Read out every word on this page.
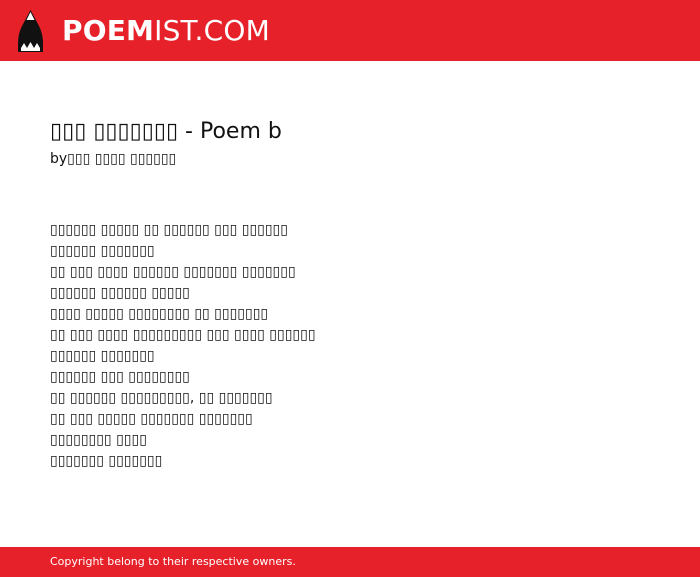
POEMIST.COM
▯▯▯ ▯▯▯▯▯▯▯ - Poem b

by▯▯▯ ▯▯▯▯ ▯▯▯▯▯▯

▯▯▯▯▯▯ ▯▯▯▯▯ ▯▯ ▯▯▯▯▯▯ ▯▯▯ ▯▯▯▯▯▯
▯▯▯▯▯▯ ▯▯▯▯▯▯▯
▯▯ ▯▯▯ ▯▯▯▯ ▯▯▯▯▯▯ ▯▯▯▯▯▯▯ ▯▯▯▯▯▯▯
▯▯▯▯▯▯ ▯▯▯▯▯▯ ▯▯▯▯▯
▯▯▯▯ ▯▯▯▯▯ ▯▯▯▯▯▯▯▯ ▯▯ ▯▯▯▯▯▯▯
▯▯ ▯▯▯ ▯▯▯▯ ▯▯▯▯▯▯▯▯▯ ▯▯▯ ▯▯▯▯ ▯▯▯▯▯▯
▯▯▯▯▯▯ ▯▯▯▯▯▯▯
▯▯▯▯▯▯ ▯▯▯ ▯▯▯▯▯▯▯▯
▯▯ ▯▯▯▯▯▯ ▯▯▯▯▯▯▯▯▯, ▯▯ ▯▯▯▯▯▯▯
▯▯ ▯▯▯ ▯▯▯▯▯ ▯▯▯▯▯▯▯ ▯▯▯▯▯▯▯
▯▯▯▯▯▯▯▯ ▯▯▯▯
▯▯▯▯▯▯▯ ▯▯▯▯▯▯▯

Copyright belong to their respective owners.
